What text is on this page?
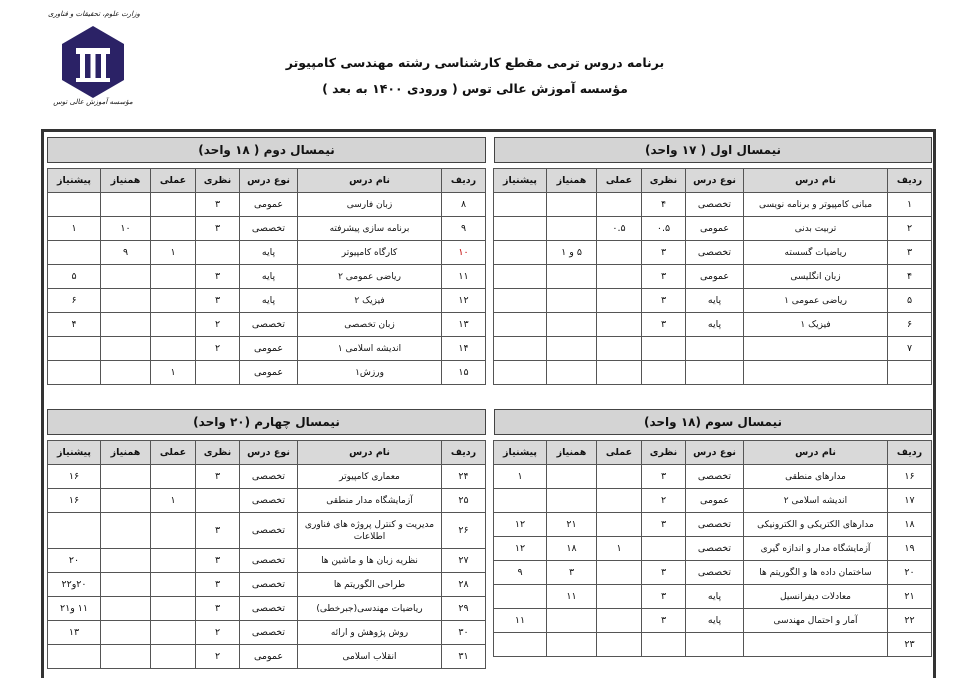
وزارت علوم، تحقیقات و فناوری
مؤسسه آموزش عالی توس
برنامه دروس ترمی مقطع کارشناسی رشته مهندسی کامپیوتر
مؤسسه آموزش عالی توس ( ورودی ۱۴۰۰ به بعد )
نیمسال اول ( ۱۷ واحد)
ردیف	نام درس	نوع درس	نظری	عملی	همنیاز	پیشنیاز
۱	مبانی کامپیوتر و برنامه نویسی	تخصصی	۴			
۲	تربیت بدنی	عمومی	۰.۵	۰.۵		
۳	ریاضیات گسسته	تخصصی	۳		۵ و ۱	
۴	زبان انگلیسی	عمومی	۳			
۵	ریاضی عمومی ۱	پایه	۳			
۶	فیزیک ۱	پایه	۳			
۷						

نیمسال دوم ( ۱۸ واحد)
ردیف	نام درس	نوع درس	نظری	عملی	همنیاز	پیشنیاز
۸	زبان فارسی	عمومی	۳			
۹	برنامه سازی پیشرفته	تخصصی	۳		۱۰	۱
۱۰	کارگاه کامپیوتر	پایه		۱	۹	
۱۱	ریاضی عمومی ۲	پایه	۳			۵
۱۲	فیزیک ۲	پایه	۳			۶
۱۳	زبان تخصصی	تخصصی	۲			۴
۱۴	اندیشه اسلامی ۱	عمومی	۲			
۱۵	ورزش۱	عمومی		۱		
نیمسال سوم (۱۸ واحد)
ردیف	نام درس	نوع درس	نظری	عملی	همنیاز	پیشنیاز
۱۶	مدارهای منطقی	تخصصی	۳			۱
۱۷	اندیشه اسلامی ۲	عمومی	۲			
۱۸	مدارهای الکتریکی و الکترونیکی	تخصصی	۳		۲۱	۱۲
۱۹	آزمایشگاه مدار و اندازه گیری	تخصصی		۱	۱۸	۱۲
۲۰	ساختمان داده ها و الگوریتم ها	تخصصی	۳		۳	۹
۲۱	معادلات دیفرانسیل	پایه	۳		۱۱	
۲۲	آمار و احتمال مهندسی	پایه	۳			۱۱
۲۳						
نیمسال چهارم (۲۰ واحد)
ردیف	نام درس	نوع درس	نظری	عملی	همنیاز	پیشنیاز
۲۴	معماری کامپیوتر	تخصصی	۳			۱۶
۲۵	آزمایشگاه مدار منطقی	تخصصی		۱		۱۶
۲۶	مدیریت و کنترل پروژه های فناوری اطلاعات	تخصصی	۳			
۲۷	نظریه زبان ها و ماشین ها	تخصصی	۳			۲۰
۲۸	طراحی الگوریتم ها	تخصصی	۳			۲۰و۲۲
۲۹	ریاضیات مهندسی(جبرخطی)	تخصصی	۳			۱۱ و۲۱
۳۰	روش پژوهش و ارائه	تخصصی	۲			۱۳
۳۱	انقلاب اسلامی	عمومی	۲			
